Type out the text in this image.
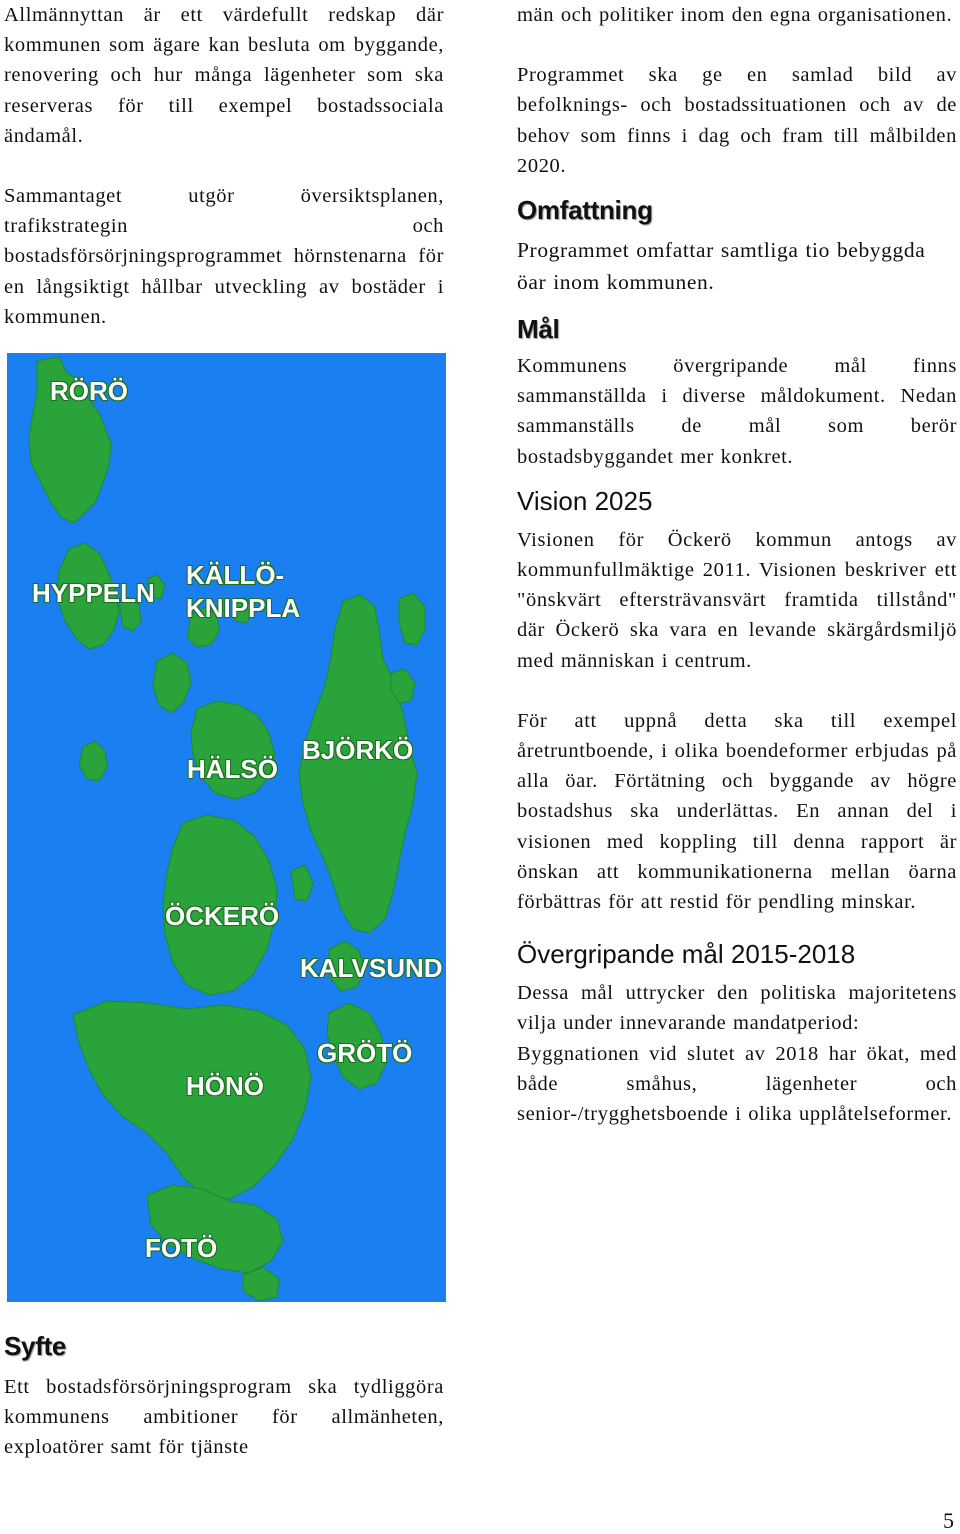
Allmännyttan är ett värdefullt redskap där kommunen som ägare kan besluta om byggande, renovering och hur många lägenheter som ska reserveras för till exempel bostadssociala ändamål.

Sammantaget utgör översiktsplanen, trafikstrategin och bostadsförsörjningsprogrammet hörnstenarna för en långsiktigt hållbar utveckling av bostäder i kommunen.

RÖRÖ
HYPPELN
KÄLLÖ-
KNIPPLA
HÄLSÖ
BJÖRKÖ
ÖCKERÖ
KALVSUND
GRÖTÖ
HÖNÖ
FOTÖ
Syfte

Ett bostadsförsörjningsprogram ska tydliggöra kommunens ambitioner för allmänheten, exploatörer samt för tjänste

män och politiker inom den egna organisationen.

Programmet ska ge en samlad bild av befolknings- och bostadssituationen och av de behov som finns i dag och fram till målbilden 2020.

Omfattning

Programmet omfattar samtliga tio bebyggda öar inom kommunen.

Mål

Kommunens övergripande mål finns sammanställda i diverse måldokument. Nedan sammanställs de mål som berör bostadsbyggandet mer konkret.

Vision 2025

Visionen för Öckerö kommun antogs av kommunfullmäktige 2011. Visionen beskriver ett "önskvärt eftersträvansvärt framtida tillstånd" där Öckerö ska vara en levande skärgårdsmiljö med människan i centrum.

För att uppnå detta ska till exempel åretruntboende, i olika boendeformer erbjudas på alla öar. Förtätning och byggande av högre bostadshus ska underlättas. En annan del i visionen med koppling till denna rapport är önskan att kommunikationerna mellan öarna förbättras för att restid för pendling minskar.

Övergripande mål 2015-2018

Dessa mål uttrycker den politiska majoritetens vilja under innevarande mandatperiod:

Byggnationen vid slutet av 2018 har ökat, med både småhus, lägenheter och senior-/trygghetsboende i olika upplåtelseformer.

5
